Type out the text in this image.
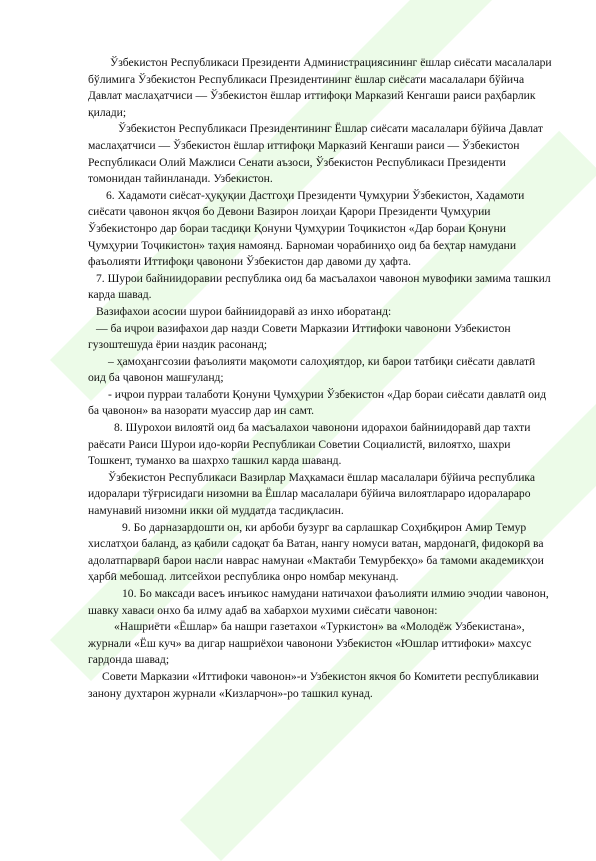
Ўзбекистон Республикаси Президенти Администрациясининг ёшлар сиёсати масалалари бўлимига Ўзбекистон Республикаси Президентининг ёшлар сиёсати масалалари бўйича Давлат маслаҳатчиси — Ўзбекистон ёшлар иттифоқи Марказий Кенгаши раиси раҳбарлик қилади;

Ўзбекистон Республикаси Президентининг Ёшлар сиёсати масалалари бўйича Давлат маслаҳатчиси — Ўзбекистон ёшлар иттифоқи Марказий Кенгаши раиси — Ўзбекистон Республикаси Олий Мажлиси Сенати аъзоси, Ўзбекистон Республикаси Президенти томонидан тайинланади. Узбекистон.

6. Хадамоти сиёсат-ҳуқуқии Дастгоҳи Президенти Ҷумҳурии Ўзбекистон, Хадамоти сиёсати ҷавонон якҷоя бо Девони Вазирон лоиҳаи Қарори Президенти Ҷумҳурии Ўзбекистонро дар бораи тасдиқи Қонуни Ҷумҳурии Тоҷикистон «Дар бораи Қонуни Ҷумҳурии Тоҷикистон» таҳия намоянд. Барномаи чорабиниҳо оид ба беҳтар намудани фаъолияти Иттифоқи ҷавонони Ўзбекистон дар давоми ду ҳафта.

7. Шурои байниидоравии республика оид ба масъалахои чавонон мувофики замима ташкил карда шавад.

Вазифахои асосии шурои байниидоравй аз инхо иборатанд:

— ба иҷрои вазифахои дар назди Совети Марказии Иттифоки чавонони Узбекистон гузоштешуда ёрии наздик расонанд;

– ҳамоҳангсозии фаъолияти мақомоти салоҳиятдор, ки барои татбиқи сиёсати давлатӣ оид ба ҷавонон машғуланд;

- иҷрои пурраи талаботи Қонуни Ҷумҳурии Ўзбекистон «Дар бораи сиёсати давлатӣ оид ба ҷавонон» ва назорати муассир дар ин самт.

8. Шурохои вилоятй оид ба масъалахои чавонони идорахои байниидоравй дар тахти раёсати Раиси Шурои идо-корӣи Республикаи Советии Социалистй, вилоятхо, шахри Тошкент, туманхо ва шахрхо ташкил карда шаванд.

Ўзбекистон Республикаси Вазирлар Маҳкамаси ёшлар масалалари бўйича республика идоралари тўғрисидаги низомни ва Ёшлар масалалари бўйича вилоятлараро идоралараро намунавий низомни икки ой муддатда тасдиқласин.

9. Бо дарназардошти он, ки арбоби бузург ва сарлашкар Соҳибқирон Амир Темур хислатҳои баланд, аз қабили садоқат ба Ватан, нангу номуси ватан, мардонагӣ, фидокорӣ ва адолатпарварӣ барои насли навраc намунаи «Мактаби Темурбекҳо» ба тамоми академикҳои ҳарбӣ мебошад. литсейхои республика онро номбар мекунанд.

10. Бо максади васеъ инъикос намудани натичахои фаъолияти илмию эчодии чавонон, шавку хаваси онхо ба илму адаб ва хабархои мухими сиёсати чавонон:

«Нашриёти «Ёшлар» ба нашри газетахои «Туркистон» ва «Молодёж Узбекистана», журнали «Ёш куч» ва дигар нашриёхои чавонони Узбекистон «Юшлар иттифоки» махсус гардонда шавад;

Совети Марказии «Иттифоки чавонон»-и Узбекистон якчоя бо Комитети республикавии занону духтарон журнали «Кизларчон»-ро ташкил кунад.
